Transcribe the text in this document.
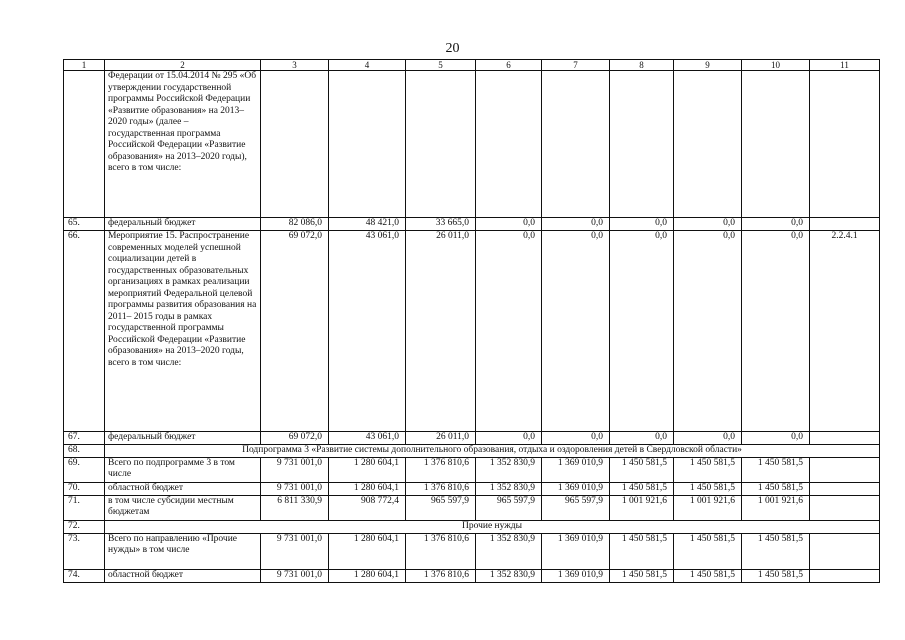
20
1	2	3	4	5	6	7	8	9	10	11
	Федерации от 15.04.2014 № 295 «Об утверждении государственной программы Российской Федерации «Развитие образования» на 2013–2020 годы» (далее – государственная программа Российской Федерации «Развитие образования» на 2013–2020 годы), всего в том числе:									
65.	федеральный бюджет	82 086,0	48 421,0	33 665,0	0,0	0,0	0,0	0,0	0,0	
66.	Мероприятие 15. Распространение современных моделей успешной социализации детей в государственных образовательных организациях в рамках реализации мероприятий Федеральной целевой программы развития образования на 2011– 2015 годы в рамках государственной программы Российской Федерации «Развитие образования» на 2013–2020 годы, всего в том числе:	69 072,0	43 061,0	26 011,0	0,0	0,0	0,0	0,0	0,0	2.2.4.1
67.	федеральный бюджет	69 072,0	43 061,0	26 011,0	0,0	0,0	0,0	0,0	0,0	
68.	Подпрограмма 3 «Развитие системы дополнительного образования, отдыха и оздоровления детей в Свердловской области»									
69.	Всего по подпрограмме 3 в том числе	9 731 001,0	1 280 604,1	1 376 810,6	1 352 830,9	1 369 010,9	1 450 581,5	1 450 581,5	1 450 581,5	
70.	областной бюджет	9 731 001,0	1 280 604,1	1 376 810,6	1 352 830,9	1 369 010,9	1 450 581,5	1 450 581,5	1 450 581,5	
71.	в том числе субсидии местным бюджетам	6 811 330,9	908 772,4	965 597,9	965 597,9	965 597,9	1 001 921,6	1 001 921,6	1 001 921,6	
72.	Прочие нужды									
73.	Всего по направлению «Прочие нужды» в том числе	9 731 001,0	1 280 604,1	1 376 810,6	1 352 830,9	1 369 010,9	1 450 581,5	1 450 581,5	1 450 581,5	
74.	областной бюджет	9 731 001,0	1 280 604,1	1 376 810,6	1 352 830,9	1 369 010,9	1 450 581,5	1 450 581,5	1 450 581,5	
